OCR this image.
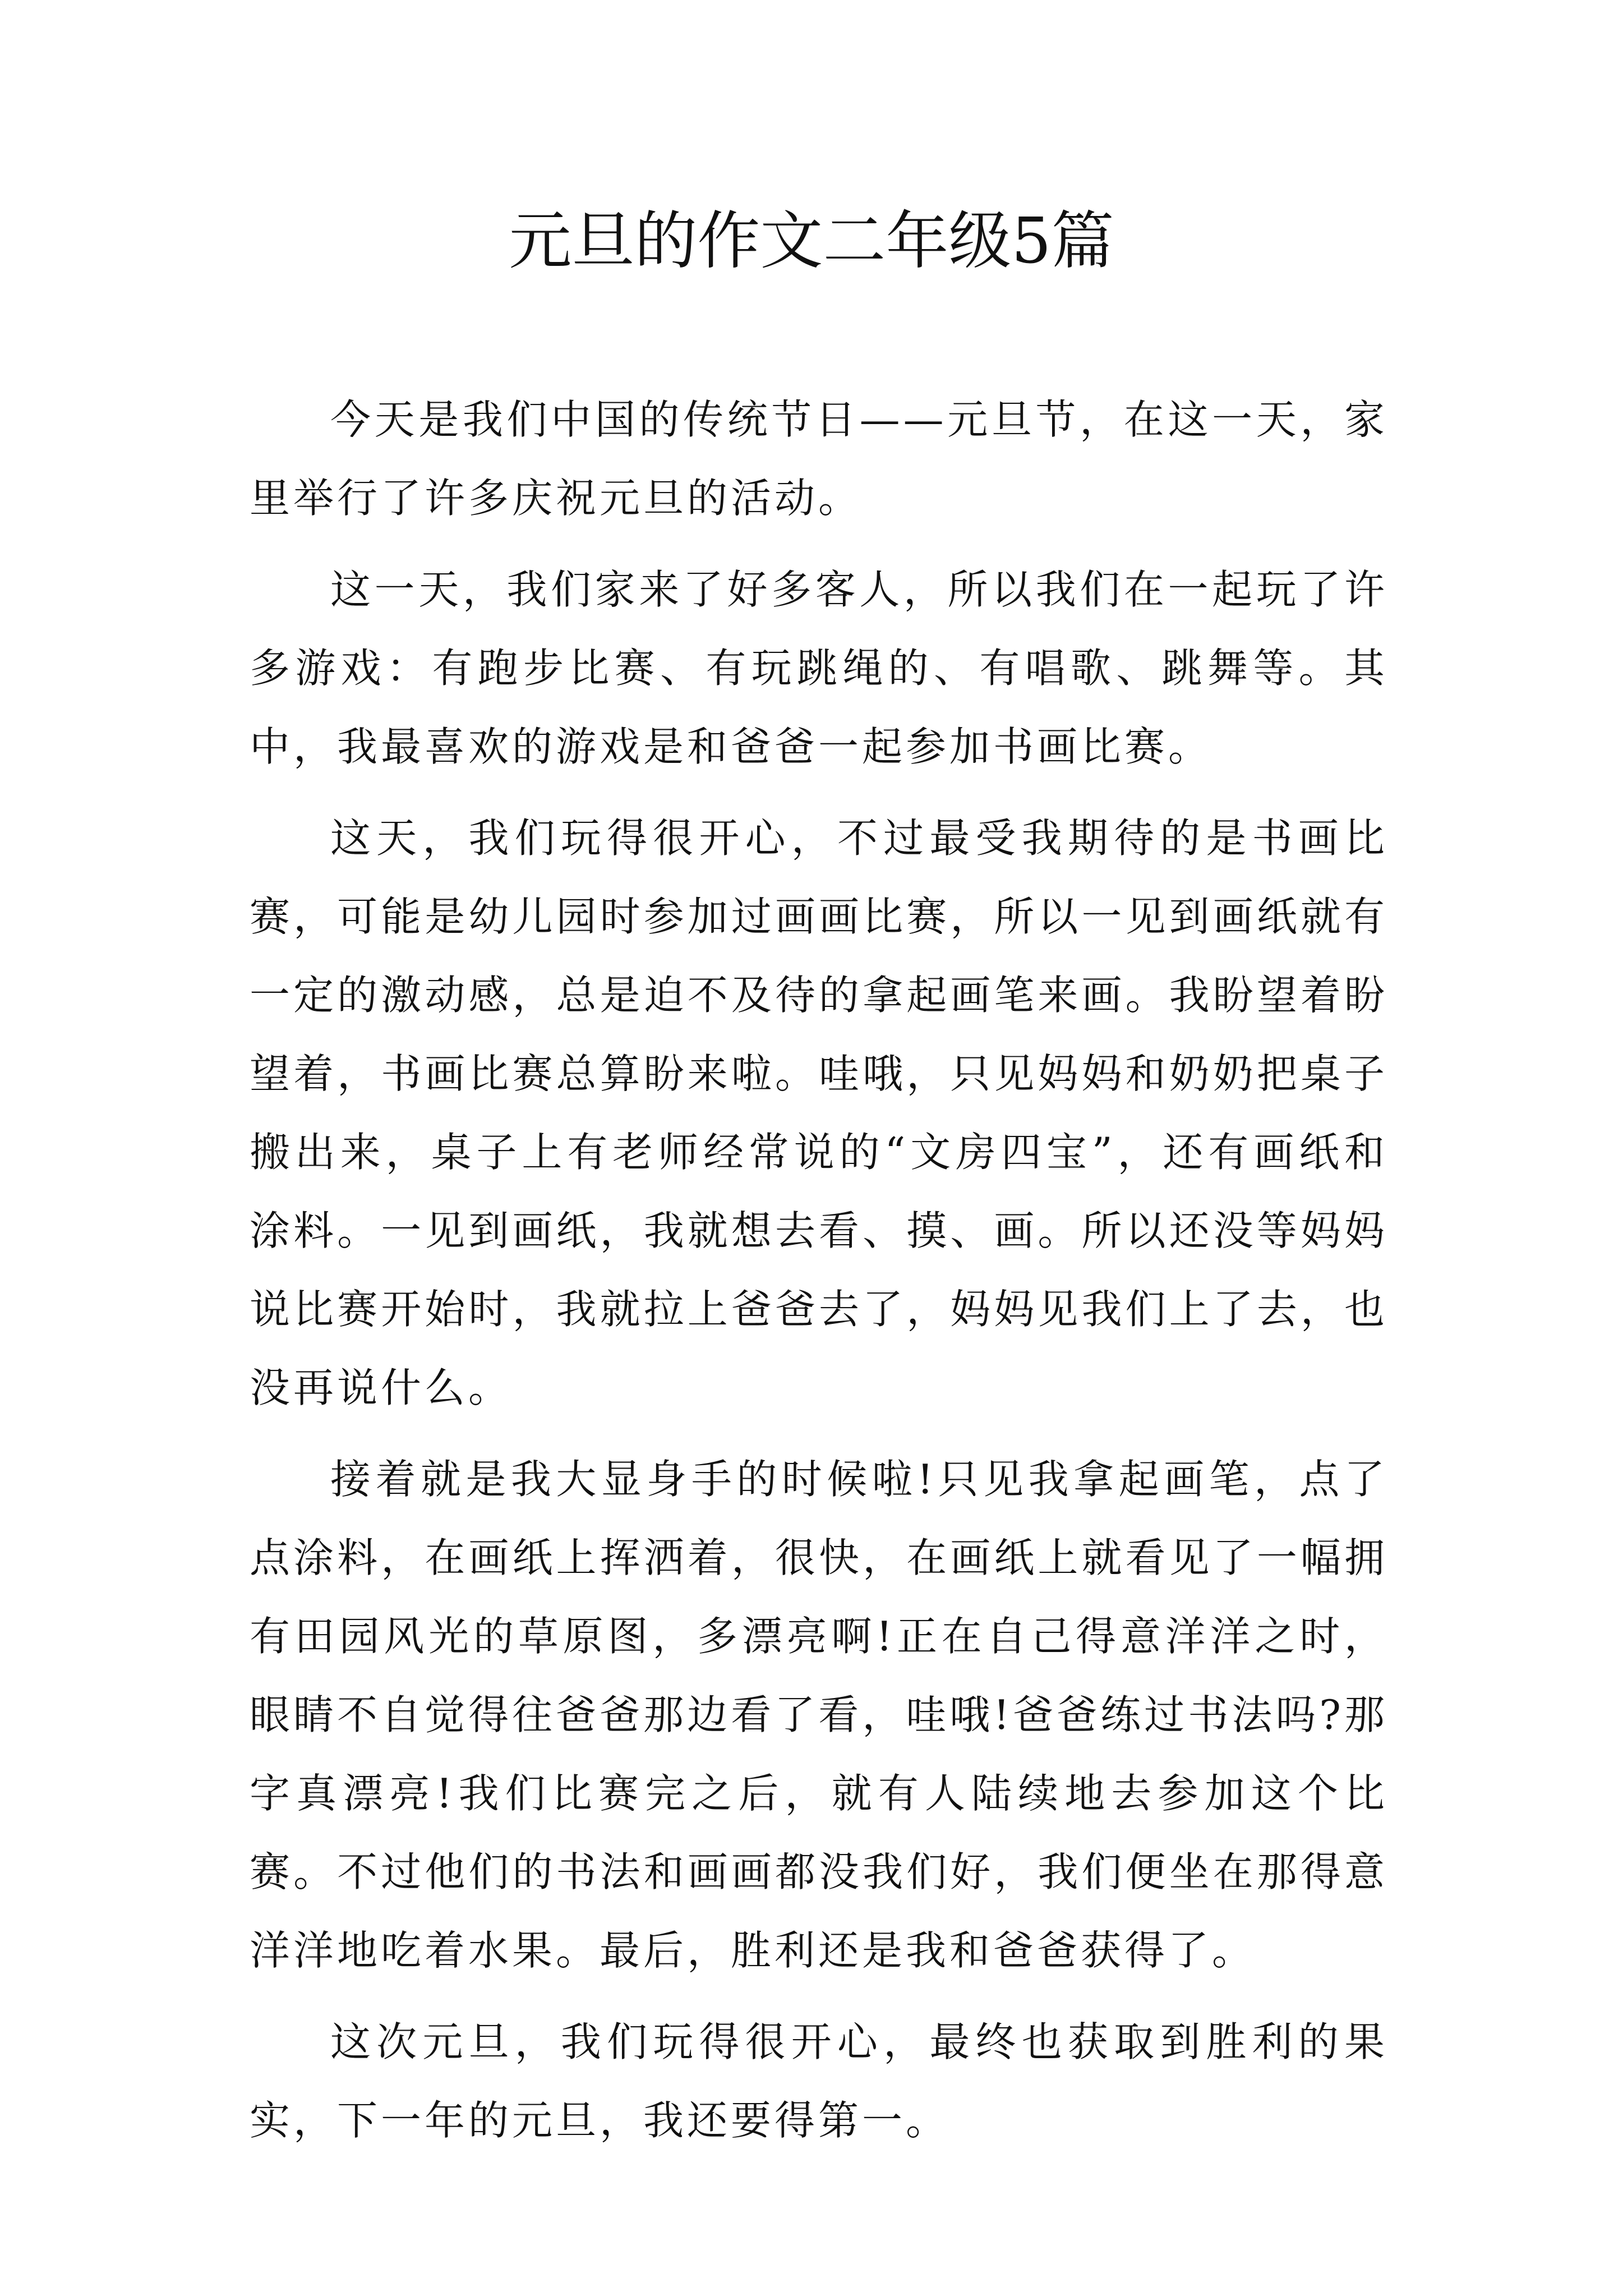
元旦的作文二年级5篇

今天是我们中国的传统节日——元旦节，在这一天，家里举行了许多庆祝元旦的活动。

这一天，我们家来了好多客人，所以我们在一起玩了许多游戏：有跑步比赛、有玩跳绳的、有唱歌、跳舞等。其中，我最喜欢的游戏是和爸爸一起参加书画比赛。

这天，我们玩得很开心，不过最受我期待的是书画比赛，可能是幼儿园时参加过画画比赛，所以一见到画纸就有一定的激动感，总是迫不及待的拿起画笔来画。我盼望着盼望着，书画比赛总算盼来啦。哇哦，只见妈妈和奶奶把桌子搬出来，桌子上有老师经常说的“文房四宝”，还有画纸和涂料。一见到画纸，我就想去看、摸、画。所以还没等妈妈说比赛开始时，我就拉上爸爸去了，妈妈见我们上了去，也没再说什么。

接着就是我大显身手的时候啦!只见我拿起画笔，点了点涂料，在画纸上挥洒着，很快，在画纸上就看见了一幅拥有田园风光的草原图，多漂亮啊!正在自己得意洋洋之时，眼睛不自觉得往爸爸那边看了看，哇哦!爸爸练过书法吗?那字真漂亮!我们比赛完之后，就有人陆续地去参加这个比赛。不过他们的书法和画画都没我们好，我们便坐在那得意洋洋地吃着水果。最后，胜利还是我和爸爸获得了。

这次元旦，我们玩得很开心，最终也获取到胜利的果实，下一年的元旦，我还要得第一。
